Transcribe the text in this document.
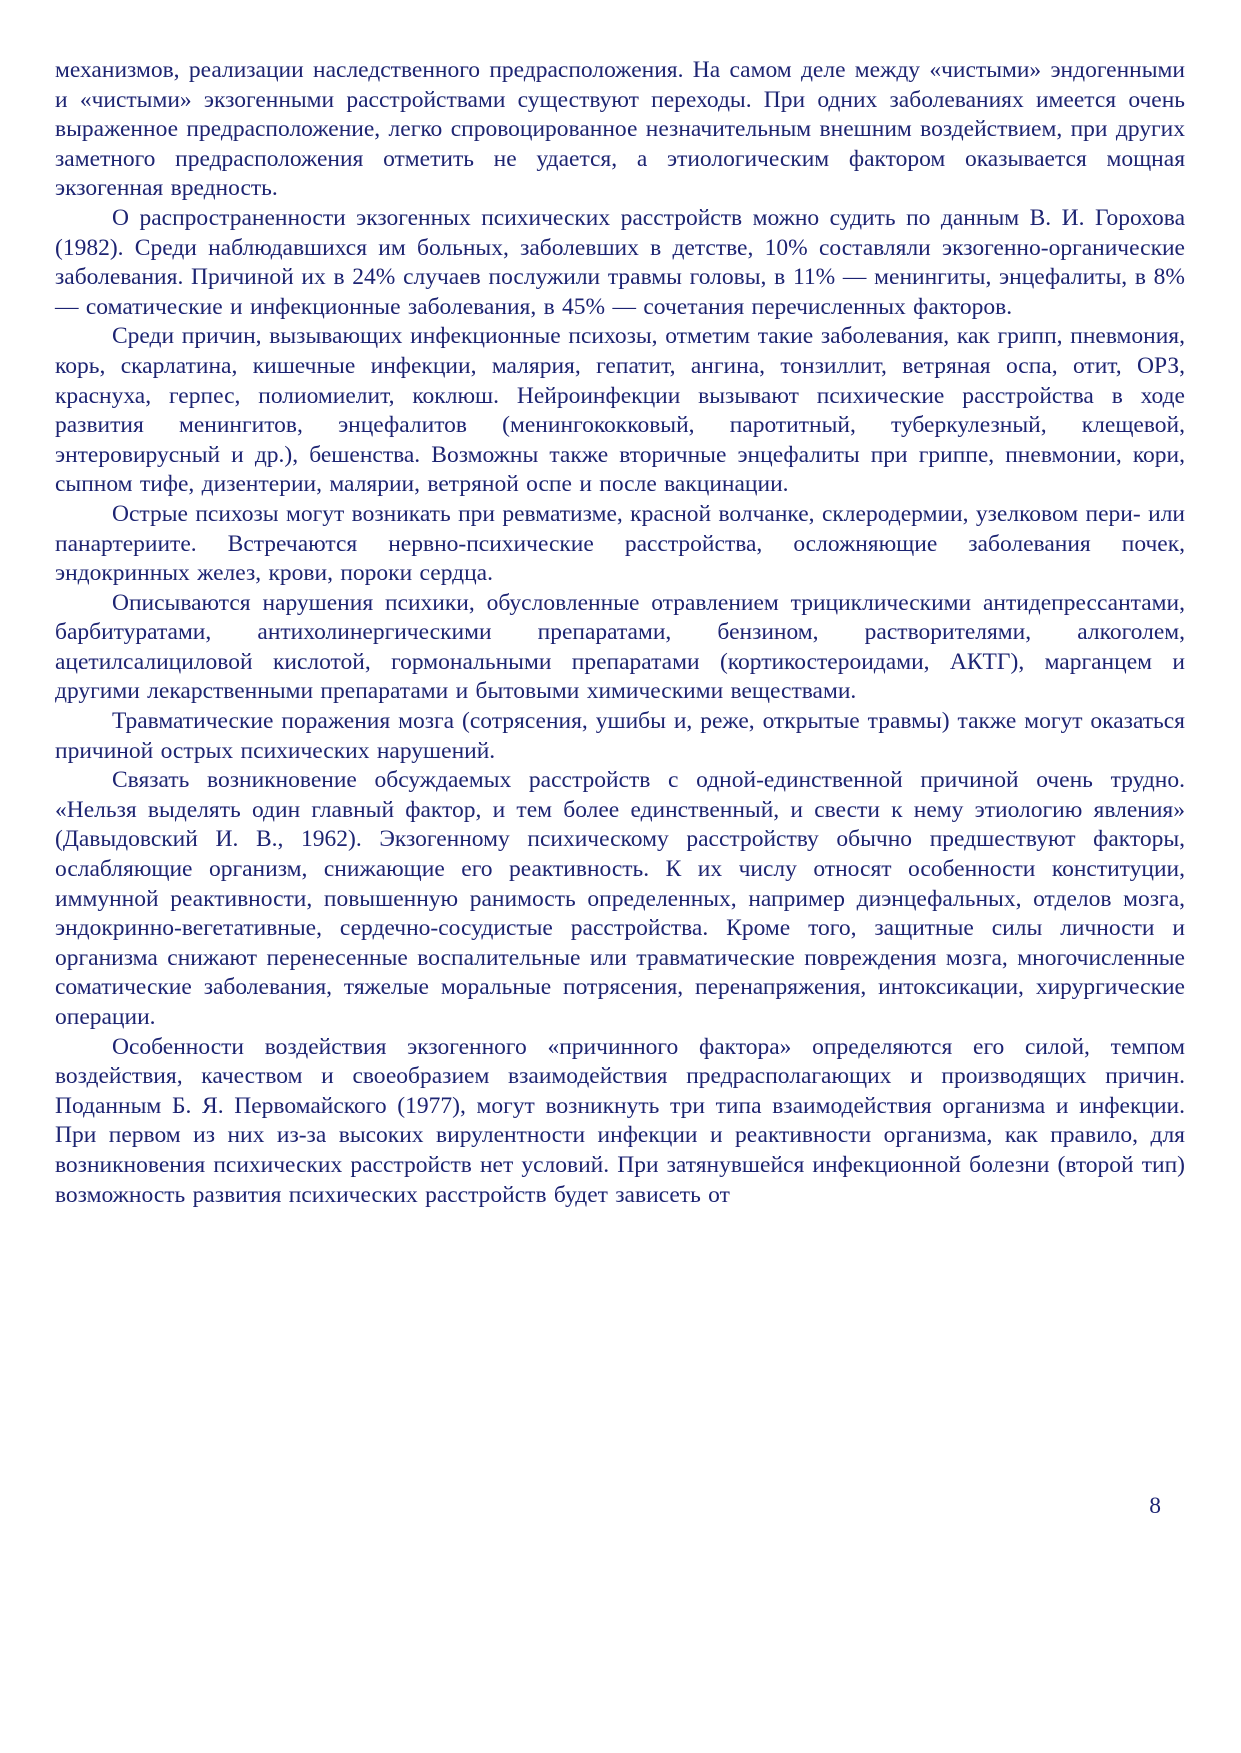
механизмов, реализации наследственного предрасположения. На самом деле между «чистыми» эндогенными и «чистыми» экзогенными расстройствами существуют переходы. При одних заболеваниях имеется очень выраженное предрасположение, легко спровоцированное незначительным внешним воздействием, при других заметного предрасположения отметить не удается, а этиологическим фактором оказывается мощная экзогенная вредность.

О распространенности экзогенных психических расстройств можно судить по данным В. И. Горохова (1982). Среди наблюдавшихся им больных, заболевших в детстве, 10% составляли экзогенно-органические заболевания. Причиной их в 24% случаев послужили травмы головы, в 11% — менингиты, энцефалиты, в 8% — соматические и инфекционные заболевания, в 45% — сочетания перечисленных факторов.

Среди причин, вызывающих инфекционные психозы, отметим такие заболевания, как грипп, пневмония, корь, скарлатина, кишечные инфекции, малярия, гепатит, ангина, тонзиллит, ветряная оспа, отит, ОРЗ, краснуха, герпес, полиомиелит, коклюш. Нейроинфекции вызывают психические расстройства в ходе развития менингитов, энцефалитов (менингококковый, паротитный, туберкулезный, клещевой, энтеровирусный и др.), бешенства. Возможны также вторичные энцефалиты при гриппе, пневмонии, кори, сыпном тифе, дизентерии, малярии, ветряной оспе и после вакцинации.

Острые психозы могут возникать при ревматизме, красной волчанке, склеродермии, узелковом пери- или панартериите. Встречаются нервно-психические расстройства, осложняющие заболевания почек, эндокринных желез, крови, пороки сердца.

Описываются нарушения психики, обусловленные отравлением трициклическими антидепрессантами, барбитуратами, антихолинергическими препаратами, бензином, растворителями, алкоголем, ацетилсалициловой кислотой, гормональными препаратами (кортикостероидами, АКТГ), марганцем и другими лекарственными препаратами и бытовыми химическими веществами.

Травматические поражения мозга (сотрясения, ушибы и, реже, открытые травмы) также могут оказаться причиной острых психических нарушений.

Связать возникновение обсуждаемых расстройств с одной-единственной причиной очень трудно. «Нельзя выделять один главный фактор, и тем более единственный, и свести к нему этиологию явления» (Давыдовский И. В., 1962). Экзогенному психическому расстройству обычно предшествуют факторы, ослабляющие организм, снижающие его реактивность. К их числу относят особенности конституции, иммунной реактивности, повышенную ранимость определенных, например диэнцефальных, отделов мозга, эндокринно-вегетативные, сердечно-сосудистые расстройства. Кроме того, защитные силы личности и организма снижают перенесенные воспалительные или травматические повреждения мозга, многочисленные соматические заболевания, тяжелые моральные потрясения, перенапряжения, интоксикации, хирургические операции.

Особенности воздействия экзогенного «причинного фактора» определяются его силой, темпом воздействия, качеством и своеобразием взаимодействия предрасполагающих и производящих причин. Поданным Б. Я. Первомайского (1977), могут возникнуть три типа взаимодействия организма и инфекции. При первом из них из-за высоких вирулентности инфекции и реактивности организма, как правило, для возникновения психических расстройств нет условий. При затянувшейся инфекционной болезни (второй тип) возможность развития психических расстройств будет зависеть от

8
